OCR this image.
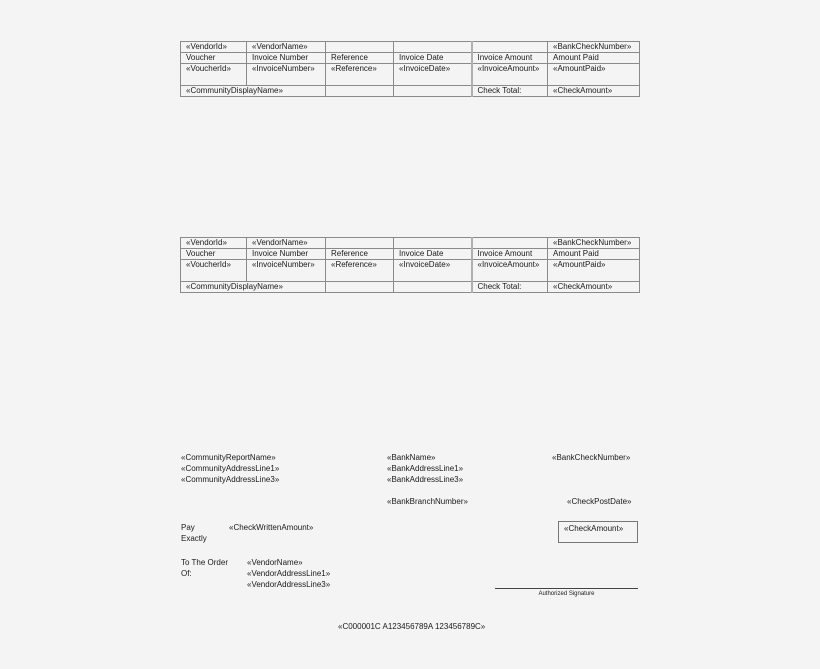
«VendorId»	«VendorName»				«BankCheckNumber»
Voucher	Invoice Number	Reference	Invoice Date	Invoice Amount	Amount Paid
«VoucherId»	«InvoiceNumber»	«Reference»	«InvoiceDate»	«InvoiceAmount»	«AmountPaid»
«CommunityDisplayName»				Check Total:	«CheckAmount»
«VendorId»	«VendorName»				«BankCheckNumber»
Voucher	Invoice Number	Reference	Invoice Date	Invoice Amount	Amount Paid
«VoucherId»	«InvoiceNumber»	«Reference»	«InvoiceDate»	«InvoiceAmount»	«AmountPaid»
«CommunityDisplayName»				Check Total:	«CheckAmount»
«CommunityReportName»
«CommunityAddressLine1»
«CommunityAddressLine3»
«BankName»
«BankAddressLine1»
«BankAddressLine3»
«BankBranchNumber»
«BankCheckNumber»
«CheckPostDate»
Pay
Exactly
«CheckWrittenAmount»	«CheckAmount»
To The Order
Of:
«VendorName»
«VendorAddressLine1»
«VendorAddressLine3»
Authorized Signature
«C000001C A123456789A 123456789C»
